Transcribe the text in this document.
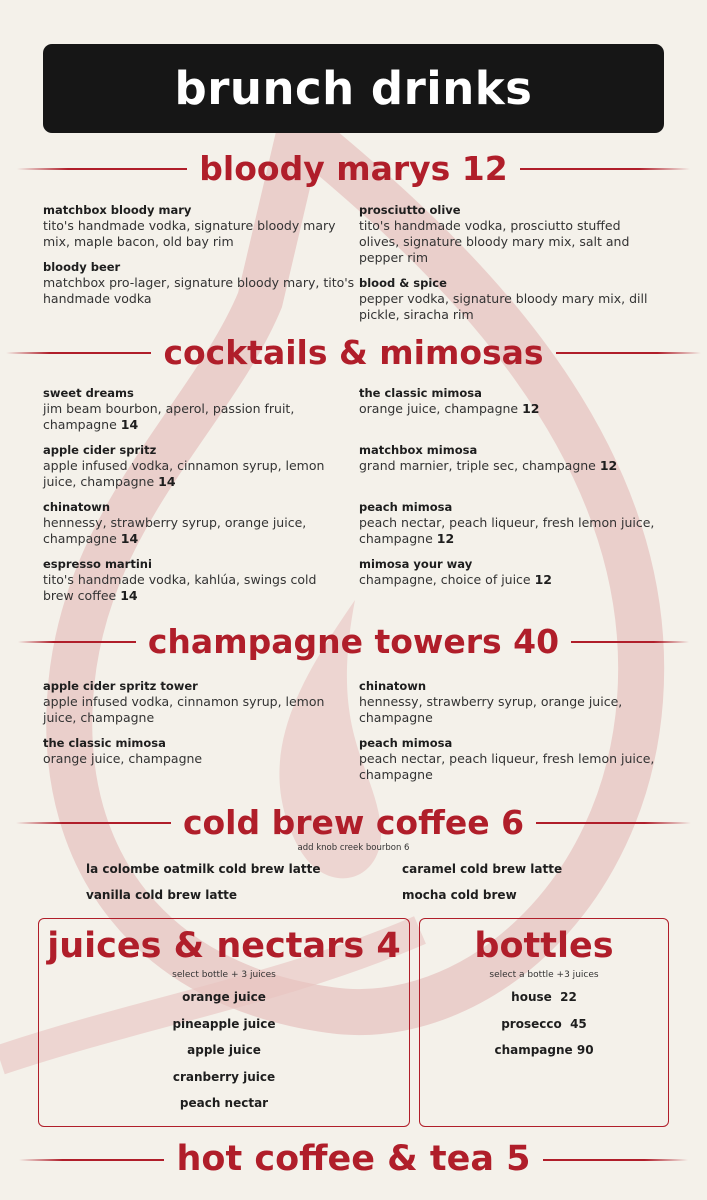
brunch drinks
bloody marys 12
matchbox bloody mary
tito's handmade vodka, signature bloody mary mix, maple bacon, old bay rim
bloody beer
matchbox pro-lager, signature bloody mary, tito's handmade vodka
prosciutto olive
tito's handmade vodka, prosciutto stuffed olives, signature bloody mary mix, salt and pepper rim
blood & spice
pepper vodka, signature bloody mary mix, dill pickle, siracha rim
cocktails & mimosas
sweet dreams
jim beam bourbon, aperol, passion fruit, champagne 14
apple cider spritz
apple infused vodka, cinnamon syrup, lemon juice, champagne 14
chinatown
hennessy, strawberry syrup, orange juice, champagne 14
espresso martini
tito's handmade vodka, kahlúa, swings cold brew coffee 14
the classic mimosa
orange juice, champagne 12
matchbox mimosa
grand marnier, triple sec, champagne 12
peach mimosa
peach nectar, peach liqueur, fresh lemon juice, champagne 12
mimosa your way
champagne, choice of juice 12
champagne towers 40
apple cider spritz tower
apple infused vodka, cinnamon syrup, lemon juice, champagne
the classic mimosa
orange juice, champagne
chinatown
hennessy, strawberry syrup, orange juice, champagne
peach mimosa
peach nectar, peach liqueur, fresh lemon juice, champagne
cold brew coffee 6
add knob creek bourbon 6
la colombe oatmilk cold brew latte	caramel cold brew latte
vanilla cold brew latte	mocha cold brew
juices & nectars 4
select bottle + 3 juices
orange juice
pineapple juice
apple juice
cranberry juice
peach nectar
bottles
select a bottle +3 juices
house  22
prosecco  45
champagne 90
hot coffee & tea 5
